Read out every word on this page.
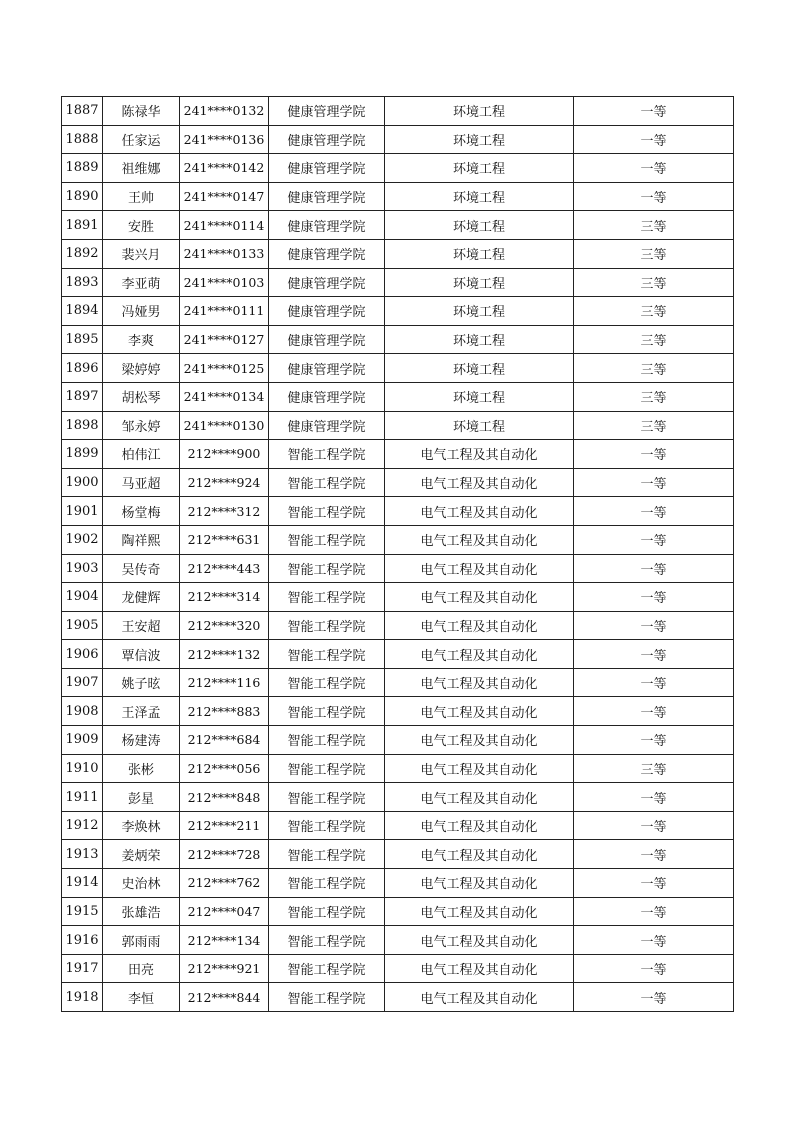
1887	陈禄华	241****0132	健康管理学院	环境工程	一等
1888	任家运	241****0136	健康管理学院	环境工程	一等
1889	祖维娜	241****0142	健康管理学院	环境工程	一等
1890	王帅	241****0147	健康管理学院	环境工程	一等
1891	安胜	241****0114	健康管理学院	环境工程	三等
1892	裴兴月	241****0133	健康管理学院	环境工程	三等
1893	李亚萌	241****0103	健康管理学院	环境工程	三等
1894	冯娅男	241****0111	健康管理学院	环境工程	三等
1895	李爽	241****0127	健康管理学院	环境工程	三等
1896	梁婷婷	241****0125	健康管理学院	环境工程	三等
1897	胡松琴	241****0134	健康管理学院	环境工程	三等
1898	邹永婷	241****0130	健康管理学院	环境工程	三等
1899	柏伟江	212****900	智能工程学院	电气工程及其自动化	一等
1900	马亚超	212****924	智能工程学院	电气工程及其自动化	一等
1901	杨堂梅	212****312	智能工程学院	电气工程及其自动化	一等
1902	陶祥熙	212****631	智能工程学院	电气工程及其自动化	一等
1903	吴传奇	212****443	智能工程学院	电气工程及其自动化	一等
1904	龙健辉	212****314	智能工程学院	电气工程及其自动化	一等
1905	王安超	212****320	智能工程学院	电气工程及其自动化	一等
1906	覃信波	212****132	智能工程学院	电气工程及其自动化	一等
1907	姚子昡	212****116	智能工程学院	电气工程及其自动化	一等
1908	王泽孟	212****883	智能工程学院	电气工程及其自动化	一等
1909	杨建涛	212****684	智能工程学院	电气工程及其自动化	一等
1910	张彬	212****056	智能工程学院	电气工程及其自动化	三等
1911	彭星	212****848	智能工程学院	电气工程及其自动化	一等
1912	李焕林	212****211	智能工程学院	电气工程及其自动化	一等
1913	姜炳荣	212****728	智能工程学院	电气工程及其自动化	一等
1914	史治林	212****762	智能工程学院	电气工程及其自动化	一等
1915	张雄浩	212****047	智能工程学院	电气工程及其自动化	一等
1916	郭雨雨	212****134	智能工程学院	电气工程及其自动化	一等
1917	田亮	212****921	智能工程学院	电气工程及其自动化	一等
1918	李恒	212****844	智能工程学院	电气工程及其自动化	一等
